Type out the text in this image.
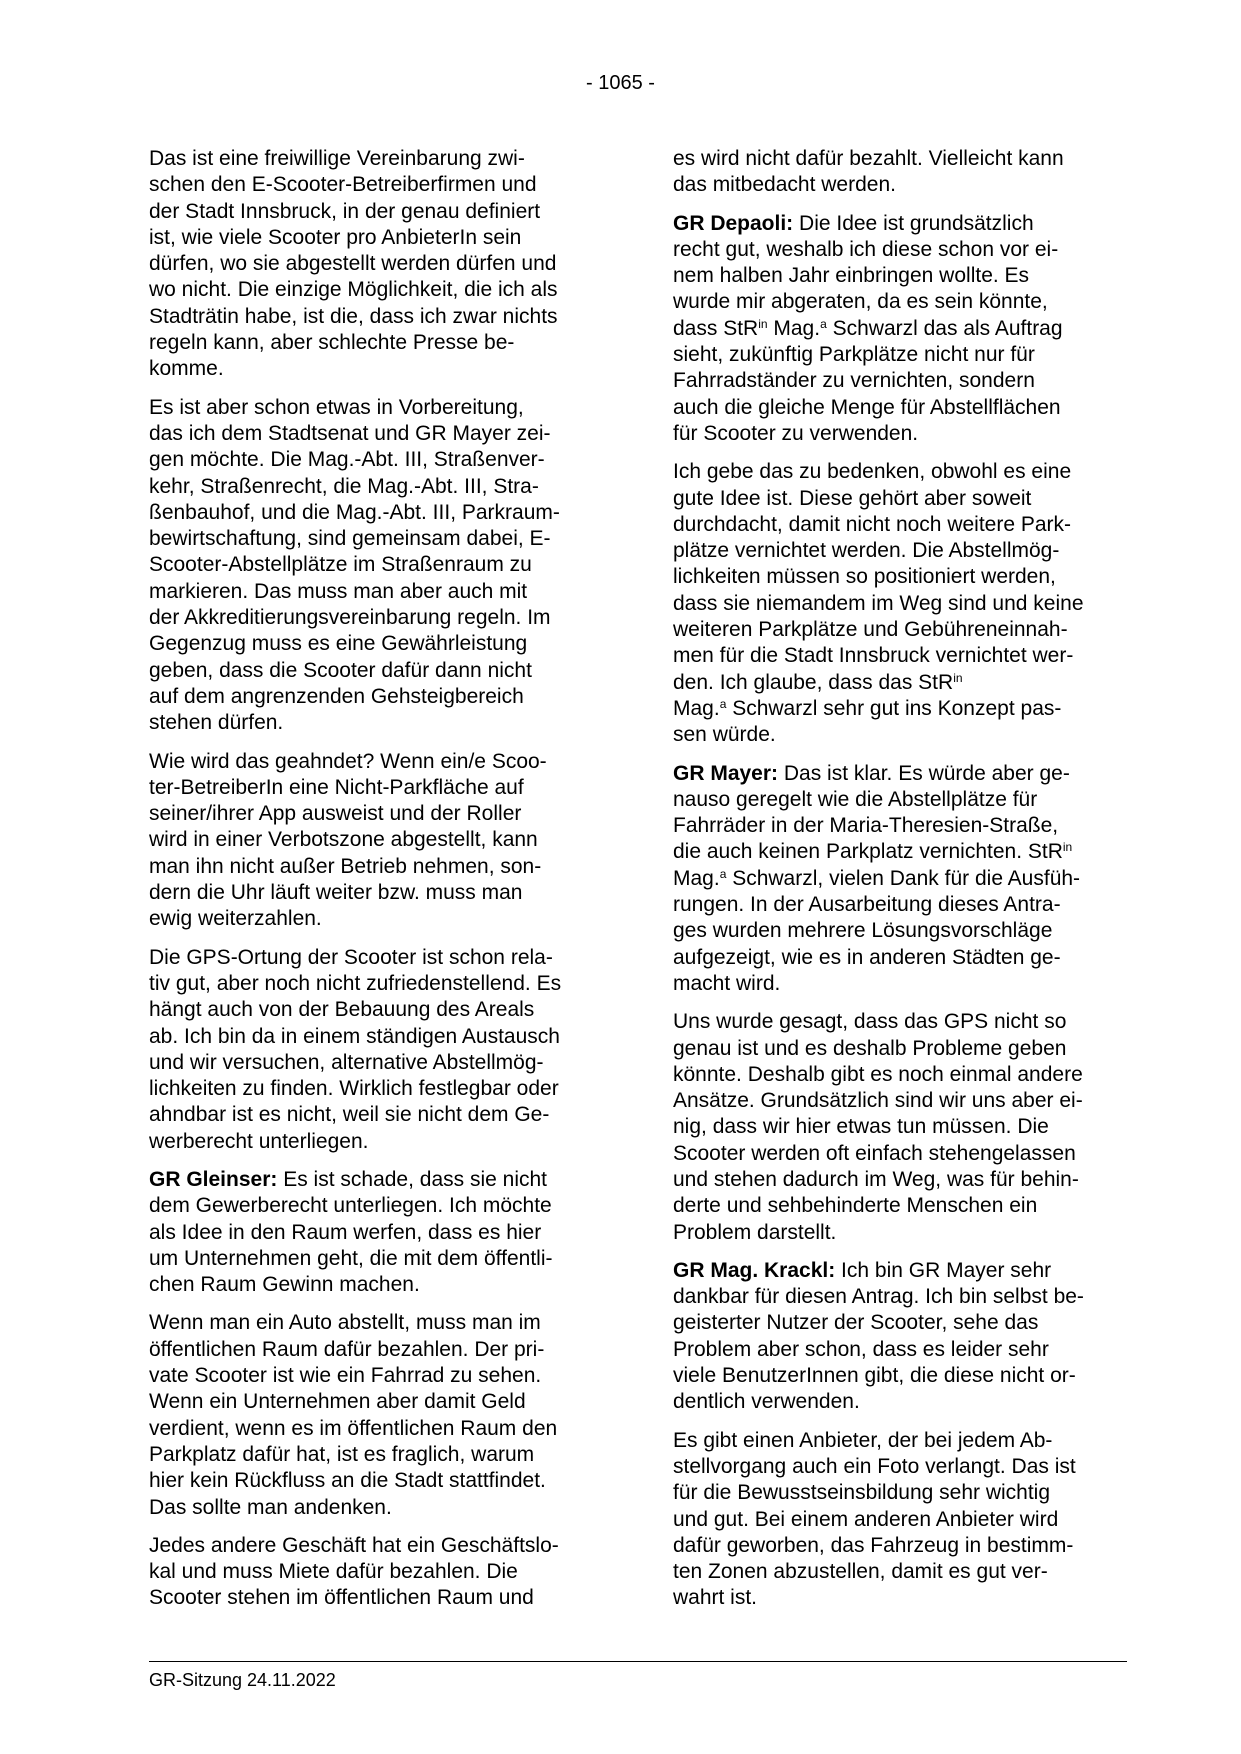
- 1065 -

Das ist eine freiwillige Vereinbarung zwi-
schen den E-Scooter-Betreiberfirmen und
der Stadt Innsbruck, in der genau definiert
ist, wie viele Scooter pro AnbieterIn sein
dürfen, wo sie abgestellt werden dürfen und
wo nicht. Die einzige Möglichkeit, die ich als
Stadträtin habe, ist die, dass ich zwar nichts
regeln kann, aber schlechte Presse be-
komme.

Es ist aber schon etwas in Vorbereitung,
das ich dem Stadtsenat und GR Mayer zei-
gen möchte. Die Mag.-Abt. III, Straßenver-
kehr, Straßenrecht, die Mag.-Abt. III, Stra-
ßenbauhof, und die Mag.-Abt. III, Parkraum-
bewirtschaftung, sind gemeinsam dabei, E-
Scooter-Abstellplätze im Straßenraum zu
markieren. Das muss man aber auch mit
der Akkreditierungsvereinbarung regeln. Im
Gegenzug muss es eine Gewährleistung
geben, dass die Scooter dafür dann nicht
auf dem angrenzenden Gehsteigbereich
stehen dürfen.

Wie wird das geahndet? Wenn ein/e Scoo-
ter-BetreiberIn eine Nicht-Parkfläche auf
seiner/ihrer App ausweist und der Roller
wird in einer Verbotszone abgestellt, kann
man ihn nicht außer Betrieb nehmen, son-
dern die Uhr läuft weiter bzw. muss man
ewig weiterzahlen.

Die GPS-Ortung der Scooter ist schon rela-
tiv gut, aber noch nicht zufriedenstellend. Es
hängt auch von der Bebauung des Areals
ab. Ich bin da in einem ständigen Austausch
und wir versuchen, alternative Abstellmög-
lichkeiten zu finden. Wirklich festlegbar oder
ahndbar ist es nicht, weil sie nicht dem Ge-
werberecht unterliegen.

GR Gleinser: Es ist schade, dass sie nicht
dem Gewerberecht unterliegen. Ich möchte
als Idee in den Raum werfen, dass es hier
um Unternehmen geht, die mit dem öffentli-
chen Raum Gewinn machen.

Wenn man ein Auto abstellt, muss man im
öffentlichen Raum dafür bezahlen. Der pri-
vate Scooter ist wie ein Fahrrad zu sehen.
Wenn ein Unternehmen aber damit Geld
verdient, wenn es im öffentlichen Raum den
Parkplatz dafür hat, ist es fraglich, warum
hier kein Rückfluss an die Stadt stattfindet.
Das sollte man andenken.

Jedes andere Geschäft hat ein Geschäftslo-
kal und muss Miete dafür bezahlen. Die
Scooter stehen im öffentlichen Raum und

es wird nicht dafür bezahlt. Vielleicht kann
das mitbedacht werden.

GR Depaoli: Die Idee ist grundsätzlich
recht gut, weshalb ich diese schon vor ei-
nem halben Jahr einbringen wollte. Es
wurde mir abgeraten, da es sein könnte,
dass StR$^{in}$ Mag.$^a$ Schwarzl das als Auftrag
sieht, zukünftig Parkplätze nicht nur für
Fahrradständer zu vernichten, sondern
auch die gleiche Menge für Abstellflächen
für Scooter zu verwenden.

Ich gebe das zu bedenken, obwohl es eine
gute Idee ist. Diese gehört aber soweit
durchdacht, damit nicht noch weitere Park-
plätze vernichtet werden. Die Abstellmög-
lichkeiten müssen so positioniert werden,
dass sie niemandem im Weg sind und keine
weiteren Parkplätze und Gebühreneinnah-
men für die Stadt Innsbruck vernichtet wer-
den. Ich glaube, dass das StR$^{in}$
Mag.$^a$ Schwarzl sehr gut ins Konzept pas-
sen würde.

GR Mayer: Das ist klar. Es würde aber ge-
nauso geregelt wie die Abstellplätze für
Fahrräder in der Maria-Theresien-Straße,
die auch keinen Parkplatz vernichten. StR$^{in}$
Mag.$^a$ Schwarzl, vielen Dank für die Ausfüh-
rungen. In der Ausarbeitung dieses Antra-
ges wurden mehrere Lösungsvorschläge
aufgezeigt, wie es in anderen Städten ge-
macht wird.

Uns wurde gesagt, dass das GPS nicht so
genau ist und es deshalb Probleme geben
könnte. Deshalb gibt es noch einmal andere
Ansätze. Grundsätzlich sind wir uns aber ei-
nig, dass wir hier etwas tun müssen. Die
Scooter werden oft einfach stehengelassen
und stehen dadurch im Weg, was für behin-
derte und sehbehinderte Menschen ein
Problem darstellt.

GR Mag. Krackl: Ich bin GR Mayer sehr
dankbar für diesen Antrag. Ich bin selbst be-
geisterter Nutzer der Scooter, sehe das
Problem aber schon, dass es leider sehr
viele BenutzerInnen gibt, die diese nicht or-
dentlich verwenden.

Es gibt einen Anbieter, der bei jedem Ab-
stellvorgang auch ein Foto verlangt. Das ist
für die Bewusstseinsbildung sehr wichtig
und gut. Bei einem anderen Anbieter wird
dafür geworben, das Fahrzeug in bestimm-
ten Zonen abzustellen, damit es gut ver-
wahrt ist.

GR-Sitzung 24.11.2022
